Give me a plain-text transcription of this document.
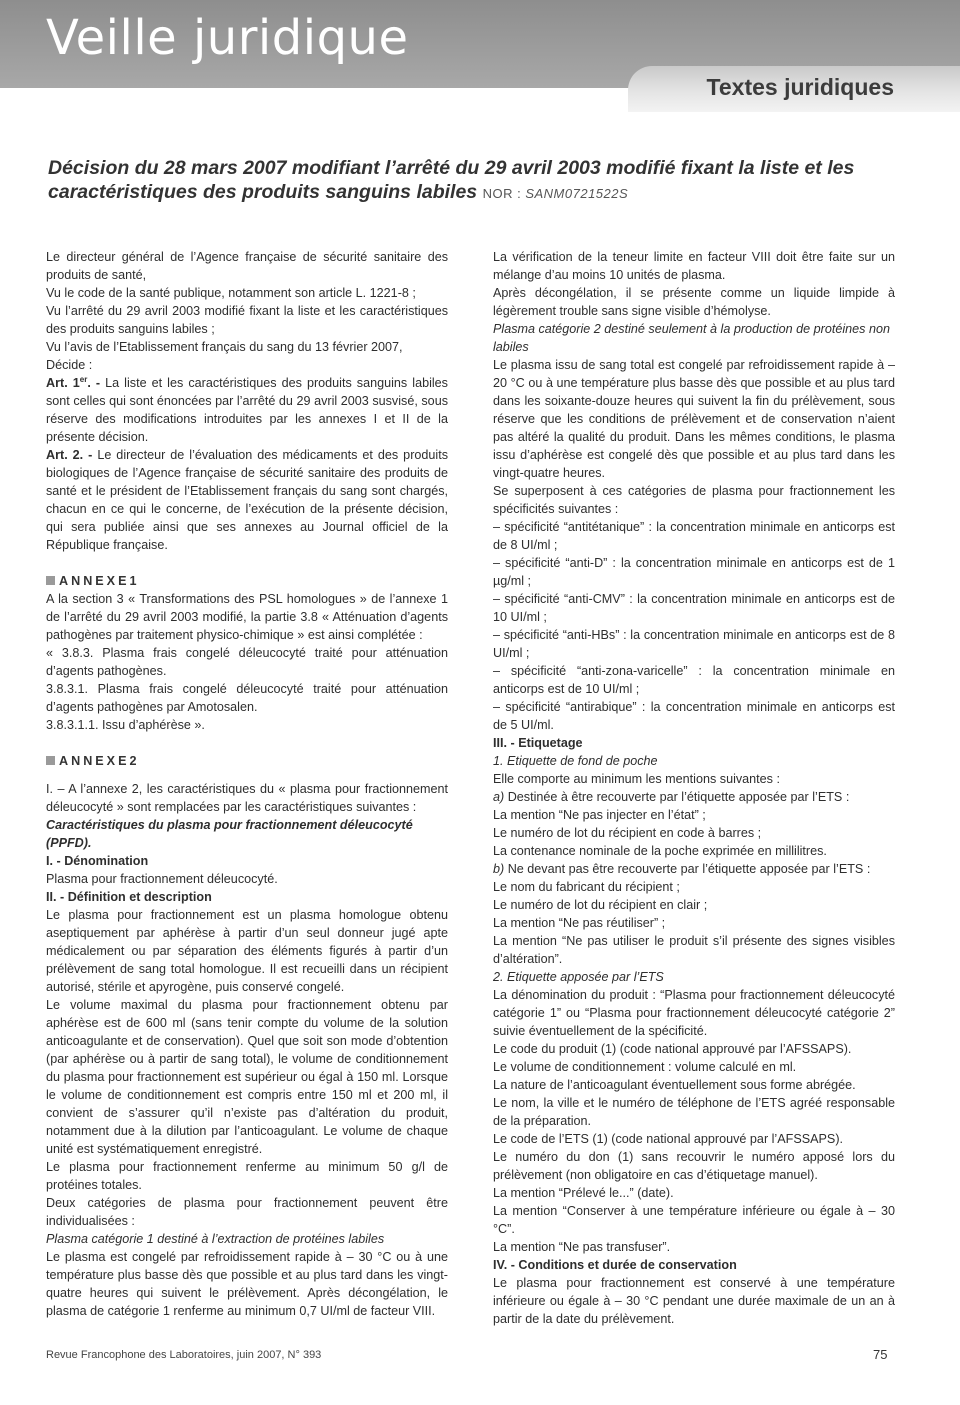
Veille juridique
Textes juridiques
Décision du 28 mars 2007 modifiant l’arrêté du 29 avril 2003 modifié fixant la liste et les caractéristiques des produits sanguins labiles NOR : SANM0721522S

Le directeur général de l’Agence française de sécurité sanitaire des produits de santé,

Vu le code de la santé publique, notamment son article L. 1221-8 ;

Vu l’arrêté du 29 avril 2003 modifié fixant la liste et les caractéristiques des produits sanguins labiles ;

Vu l’avis de l’Etablissement français du sang du 13 février 2007,

Décide :

Art. 1er. - La liste et les caractéristiques des produits sanguins labiles sont celles qui sont énoncées par l’arrêté du 29 avril 2003 susvisé, sous réserve des modifications introduites par les annexes I et II de la présente décision.

Art. 2. - Le directeur de l’évaluation des médicaments et des produits biologiques de l’Agence française de sécurité sanitaire des produits de santé et le président de l’Etablissement français du sang sont chargés, chacun en ce qui le concerne, de l’exécution de la présente décision, qui sera publiée ainsi que ses annexes au Journal officiel de la République française.

ANNEXE1

A la section 3 « Transformations des PSL homologues » de l’annexe 1 de l’arrêté du 29 avril 2003 modifié, la partie 3.8 « Atténuation d’agents pathogènes par traitement physico-chimique » est ainsi complétée :

« 3.8.3. Plasma frais congelé déleucocyté traité pour atténuation d’agents pathogènes.

3.8.3.1. Plasma frais congelé déleucocyté traité pour atténuation d’agents pathogènes par Amotosalen.

3.8.3.1.1. Issu d’aphérèse ».

ANNEXE2

I. – A l’annexe 2, les caractéristiques du « plasma pour fractionnement déleucocyté » sont remplacées par les caractéristiques suivantes :

Caractéristiques du plasma pour fractionnement déleucocyté (PPFD).

I. - Dénomination

Plasma pour fractionnement déleucocyté.

II. - Définition et description

Le plasma pour fractionnement est un plasma homologue obtenu aseptiquement par aphérèse à partir d’un seul donneur jugé apte médicalement ou par séparation des éléments figurés à partir d’un prélèvement de sang total homologue. Il est recueilli dans un récipient autorisé, stérile et apyrogène, puis conservé congelé.

Le volume maximal du plasma pour fractionnement obtenu par aphérèse est de 600 ml (sans tenir compte du volume de la solution anticoagulante et de conservation). Quel que soit son mode d’obtention (par aphérèse ou à partir de sang total), le volume de conditionnement du plasma pour fractionnement est supérieur ou égal à 150 ml. Lorsque le volume de conditionnement est compris entre 150 ml et 200 ml, il convient de s’assurer qu’il n’existe pas d’altération du produit, notamment due à la dilution par l’anticoagulant. Le volume de chaque unité est systématiquement enregistré.

Le plasma pour fractionnement renferme au minimum 50 g/l de protéines totales.

Deux catégories de plasma pour fractionnement peuvent être individualisées :

Plasma catégorie 1 destiné à l’extraction de protéines labiles

Le plasma est congelé par refroidissement rapide à – 30 °C ou à une température plus basse dès que possible et au plus tard dans les vingt-quatre heures qui suivent le prélèvement. Après décongélation, le plasma de catégorie 1 renferme au minimum 0,7 UI/ml de facteur VIII.

La vérification de la teneur limite en facteur VIII doit être faite sur un mélange d’au moins 10 unités de plasma.

Après décongélation, il se présente comme un liquide limpide à légèrement trouble sans signe visible d’hémolyse.

Plasma catégorie 2 destiné seulement à la production de protéines non labiles

Le plasma issu de sang total est congelé par refroidissement rapide à – 20 °C ou à une température plus basse dès que possible et au plus tard dans les soixante-douze heures qui suivent la fin du prélèvement, sous réserve que les conditions de prélèvement et de conservation n’aient pas altéré la qualité du produit. Dans les mêmes conditions, le plasma issu d’aphérèse est congelé dès que possible et au plus tard dans les vingt-quatre heures.

Se superposent à ces catégories de plasma pour fractionnement les spécificités suivantes :

– spécificité “antitétanique” : la concentration minimale en anticorps est de 8 UI/ml ;

– spécificité “anti-D” : la concentration minimale en anticorps est de 1 µg/ml ;

– spécificité “anti-CMV” : la concentration minimale en anticorps est de 10 UI/ml ;

– spécificité “anti-HBs” : la concentration minimale en anticorps est de 8 UI/ml ;

– spécificité “anti-zona-varicelle” : la concentration minimale en anticorps est de 10 UI/ml ;

– spécificité “antirabique” : la concentration minimale en anticorps est de 5 UI/ml.

III. - Etiquetage

1. Etiquette de fond de poche

Elle comporte au minimum les mentions suivantes :

a) Destinée à être recouverte par l’étiquette apposée par l’ETS :

La mention “Ne pas injecter en l’état” ;

Le numéro de lot du récipient en code à barres ;

La contenance nominale de la poche exprimée en millilitres.

b) Ne devant pas être recouverte par l’étiquette apposée par l’ETS :

Le nom du fabricant du récipient ;

Le numéro de lot du récipient en clair ;

La mention “Ne pas réutiliser” ;

La mention “Ne pas utiliser le produit s’il présente des signes visibles d’altération”.

2. Etiquette apposée par l’ETS

La dénomination du produit : “Plasma pour fractionnement déleucocyté catégorie 1” ou “Plasma pour fractionnement déleucocyté catégorie 2” suivie éventuellement de la spécificité.

Le code du produit (1) (code national approuvé par l’AFSSAPS).

Le volume de conditionnement : volume calculé en ml.

La nature de l’anticoagulant éventuellement sous forme abrégée.

Le nom, la ville et le numéro de téléphone de l’ETS agréé responsable de la préparation.

Le code de l’ETS (1) (code national approuvé par l’AFSSAPS).

Le numéro du don (1) sans recouvrir le numéro apposé lors du prélèvement (non obligatoire en cas d’étiquetage manuel).

La mention “Prélevé le...” (date).

La mention “Conserver à une température inférieure ou égale à – 30 °C”.

La mention “Ne pas transfuser”.

IV. - Conditions et durée de conservation

Le plasma pour fractionnement est conservé à une température inférieure ou égale à – 30 °C pendant une durée maximale de un an à partir de la date du prélèvement.

Revue Francophone des Laboratoires, juin 2007, N° 393	75
